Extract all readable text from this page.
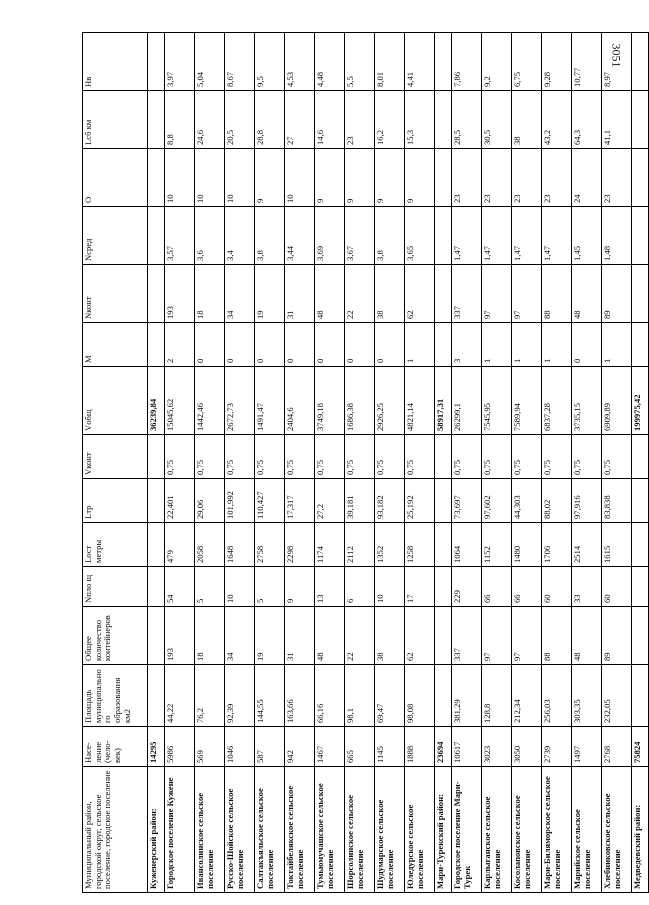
3051
Муниципальный район, городской округ, сельское поселение, городское поселение	Насе-ление (чело-век)	Площадь муниципального образования км2	Общее количество контейнеров	Nпло щ	Lост метры	Lтр	Vконт	Vобщ	M	Nконт	Nсред	O	Lсб км	Нв
Куженерский район:	14295							36239,84						
Городское поселение Кужене	5986	44,22	193	54	479	22,401	0,75	15045,62	2	193	3,57	10	8,8	3,97
Ивансолинское сельское поселение	569	76,2	18	5	2058	29,06	0,75	1442,46	0	18	3,6	10	24,6	5,04
Русско-Шойское сельское поселение	1046	92,39	34	10	1648	101,992	0,75	2672,73	0	34	3,4	10	20,5	8,67
Салтакъяльское сельское поселение	587	144,55	19	5	2758	110,427	0,75	1491,47	0	19	3,8	9	28,8	9,5
Токтайбелякское сельское поселение	942	163,66	31	9	2298	17,317	0,75	2404,6	0	31	3,44	10	27	4,53
Тумьюмучашское сельское поселение	1467	66,16	48	13	1174	27,2	0,75	3749,18	0	48	3,69	9	14,6	4,48
Шорсолинское сельское поселение	665	98,1	22	6	2112	39,181	0,75	1686,38	0	22	3,67	9	23	5,5
Шудумарское сельское поселение	1145	69,47	38	10	1352	93,182	0,75	2926,25	0	38	3,8	9	16,2	8,01
Юледурское сельское поселение	1888	98,08	62	17	1258	25,192	0,75	4821,14	1	62	3,65	9	15,3	4,41
Мари-Турекский район:	23694							58917,31						
Городское поселение Мари-Турек	10617	381,29	337	229	1064	73,697	0,75	26299,1	3	337	1,47	23	28,5	7,86
Карлыганское сельское поселение	3023	128,8	97	66	1152	97,602	0,75	7545,95	1	97	1,47	23	30,5	9,2
Косолаповское сельское поселение	3050	212,34	97	66	1480	44,303	0,75	7589,94	1	97	1,47	23	38	6,75
Мари-Биляморское сельское поселение	2739	256,03	88	60	1706	88,02	0,75	6837,28	1	88	1,47	23	43,2	9,28
Марийское сельское поселение	1497	303,35	48	33	2514	97,916	0,75	3735,15	0	48	1,45	24	64,3	10,77
Хлебниковское сельское поселение	2768	232,05	89	60	1615	83,838	0,75	6909,89	1	89	1,48	23	41,1	8,97
Медведевский район:	75824							199975,42						
